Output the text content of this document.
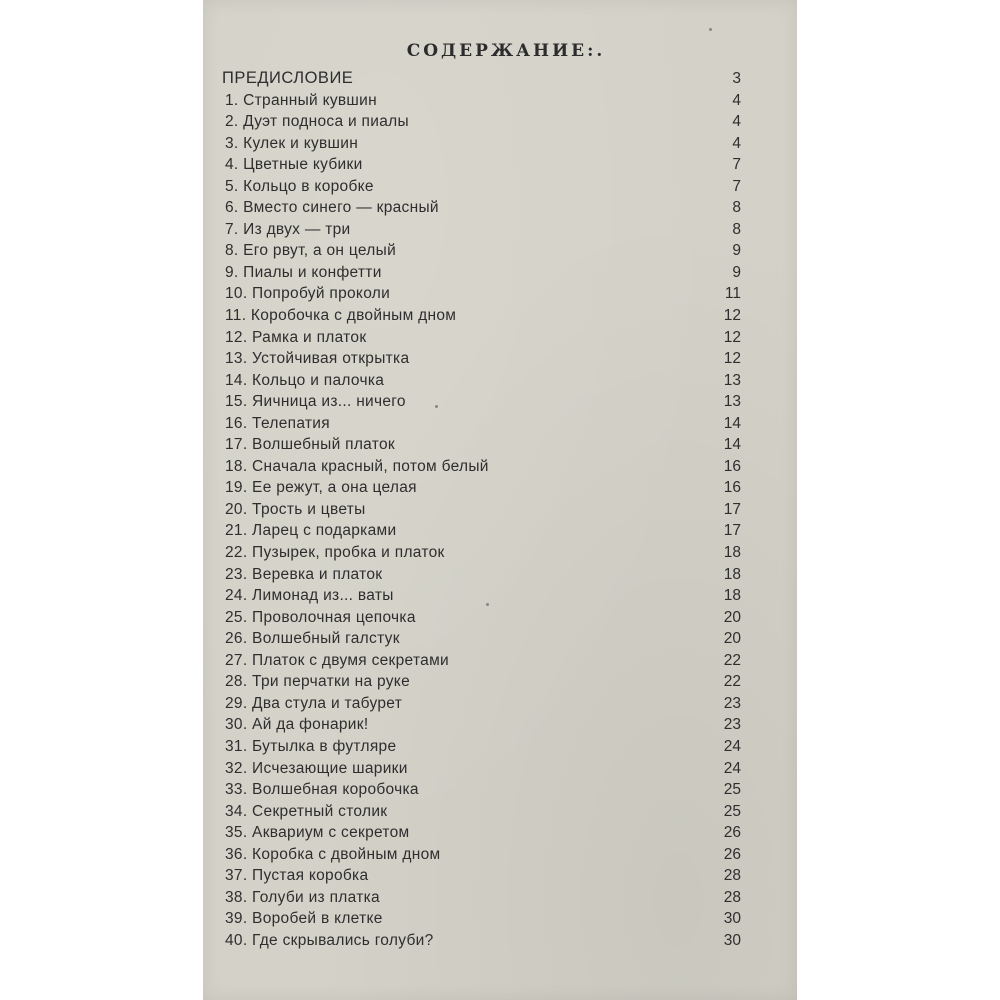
СОДЕРЖАНИЕ:.
ПРЕДИСЛОВИЕ	3
1. Странный кувшин	4
2. Дуэт подноса и пиалы	4
3. Кулек и кувшин	4
4. Цветные кубики	7
5. Кольцо в коробке	7
6. Вместо синего — красный	8
7. Из двух — три	8
8. Его рвут, а он целый	9
9. Пиалы и конфетти	9
10. Попробуй проколи	11
11. Коробочка с двойным дном	12
12. Рамка и платок	12
13. Устойчивая открытка	12
14. Кольцо и палочка	13
15. Яичница из... ничего	13
16. Телепатия	14
17. Волшебный платок	14
18. Сначала красный, потом белый	16
19. Ее режут, а она целая	16
20. Трость и цветы	17
21. Ларец с подарками	17
22. Пузырек, пробка и платок	18
23. Веревка и платок	18
24. Лимонад из... ваты	18
25. Проволочная цепочка	20
26. Волшебный галстук	20
27. Платок с двумя секретами	22
28. Три перчатки на руке	22
29. Два стула и табурет	23
30. Ай да фонарик!	23
31. Бутылка в футляре	24
32. Исчезающие шарики	24
33. Волшебная коробочка	25
34. Секретный столик	25
35. Аквариум с секретом	26
36. Коробка с двойным дном	26
37. Пустая коробка	28
38. Голуби из платка	28
39. Воробей в клетке	30
40. Где скрывались голуби?	30
